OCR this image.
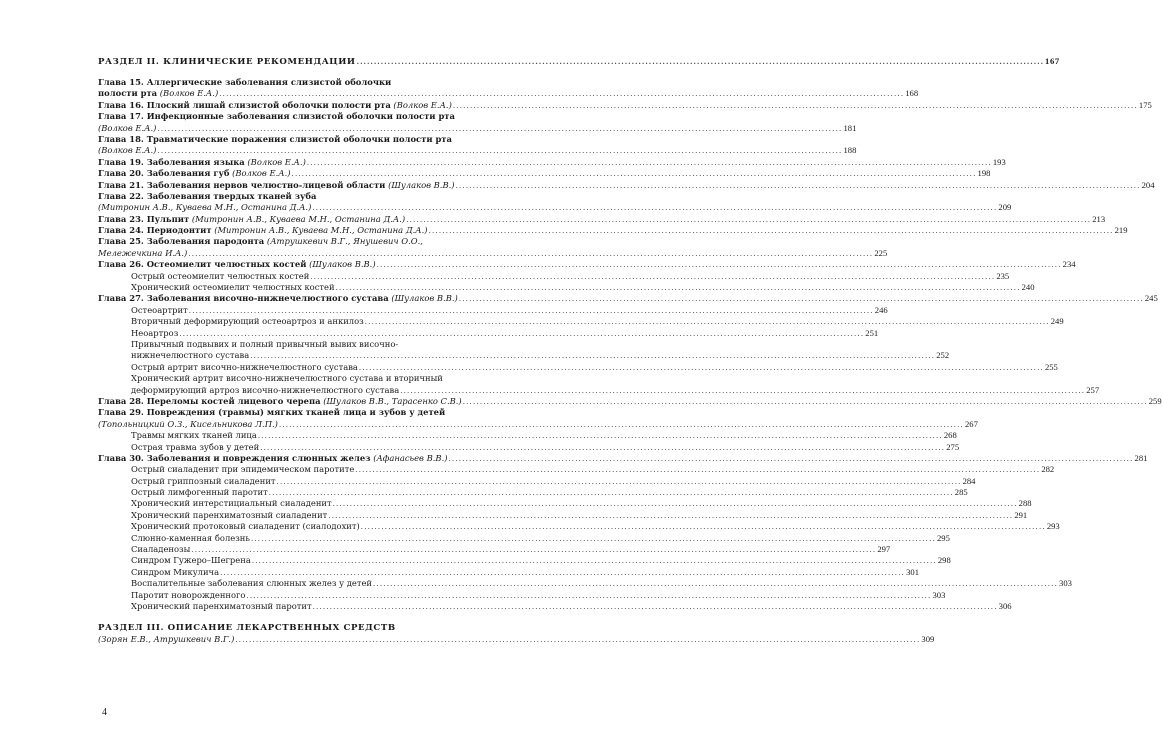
РАЗДЕЛ II. КЛИНИЧЕСКИЕ РЕКОМЕНДАЦИИ .....	167
Глава 15. Аллергические заболевания слизистой оболочки
полости рта (Волков Е.А.) .....	168
Глава 16. Плоский лишай слизистой оболочки полости рта (Волков Е.А.) .....	175
Глава 17. Инфекционные заболевания слизистой оболочки полости рта
(Волков Е.А.) .....	181
Глава 18. Травматические поражения слизистой оболочки полости рта
(Волков Е.А.) .....	188
Глава 19. Заболевания языка (Волков Е.А.) .....	193
Глава 20. Заболевания губ (Волков Е.А.) .....	198
Глава 21. Заболевания нервов челюстно-лицевой области (Шулаков В.В.) .....	204
Глава 22. Заболевания твердых тканей зуба
(Митронин А.В., Куваева М.Н., Останина Д.А.) .....	209
Глава 23. Пульпит (Митронин А.В., Куваева М.Н., Останина Д.А.) .....	213
Глава 24. Периодонтит (Митронин А.В., Куваева М.Н., Останина Д.А.) .....	219
Глава 25. Заболевания пародонта (Атрушкевич В.Г., Янушевич О.О.,
Мележечкина И.А.) .....	225
Глава 26. Остеомиелит челюстных костей (Шулаков В.В.) .....	234
Острый остеомиелит челюстных костей .....	235
Хронический остеомиелит челюстных костей .....	240
Глава 27. Заболевания височно-нижнечелюстного сустава (Шулаков В.В.) .....	245
Остеоартрит .....	246
Вторичный деформирующий остеоартроз и анкилоз .....	249
Неоартроз .....	251
Привычный подвывих и полный привычный вывих височно-
нижнечелюстного сустава .....	252
Острый артрит височно-нижнечелюстного сустава .....	255
Хронический артрит височно-нижнечелюстного сустава и вторичный
деформирующий артроз височно-нижнечелюстного сустава .....	257
Глава 28. Переломы костей лицевого черепа (Шулаков В.В., Тарасенко С.В.) .....	259
Глава 29. Повреждения (травмы) мягких тканей лица и зубов у детей
(Топольницкий О.З., Кисельникова Л.П.) .....	267
Травмы мягких тканей лица .....	268
Острая травма зубов у детей .....	275
Глава 30. Заболевания и повреждения слюнных желез (Афанасьев В.В.) .....	281
Острый сиаладенит при эпидемическом паротите .....	282
Острый гриппозный сиаладенит .....	284
Острый лимфогенный паротит .....	285
Хронический интерстициальный сиаладенит .....	288
Хронический паренхиматозный сиаладенит .....	291
Хронический протоковый сиаладенит (сиалодохит) .....	293
Слюнно-каменная болезнь .....	295
Сиаладенозы .....	297
Синдром Гужеро–Шегрена .....	298
Синдром Микулича .....	301
Воспалительные заболевания слюнных желез у детей .....	303
Паротит новорожденного .....	303
Хронический паренхиматозный паротит .....	306
РАЗДЕЛ III. ОПИСАНИЕ ЛЕКАРСТВЕННЫХ СРЕДСТВ
(Зорян Е.В., Атрушкевич В.Г.) .....	309
4
